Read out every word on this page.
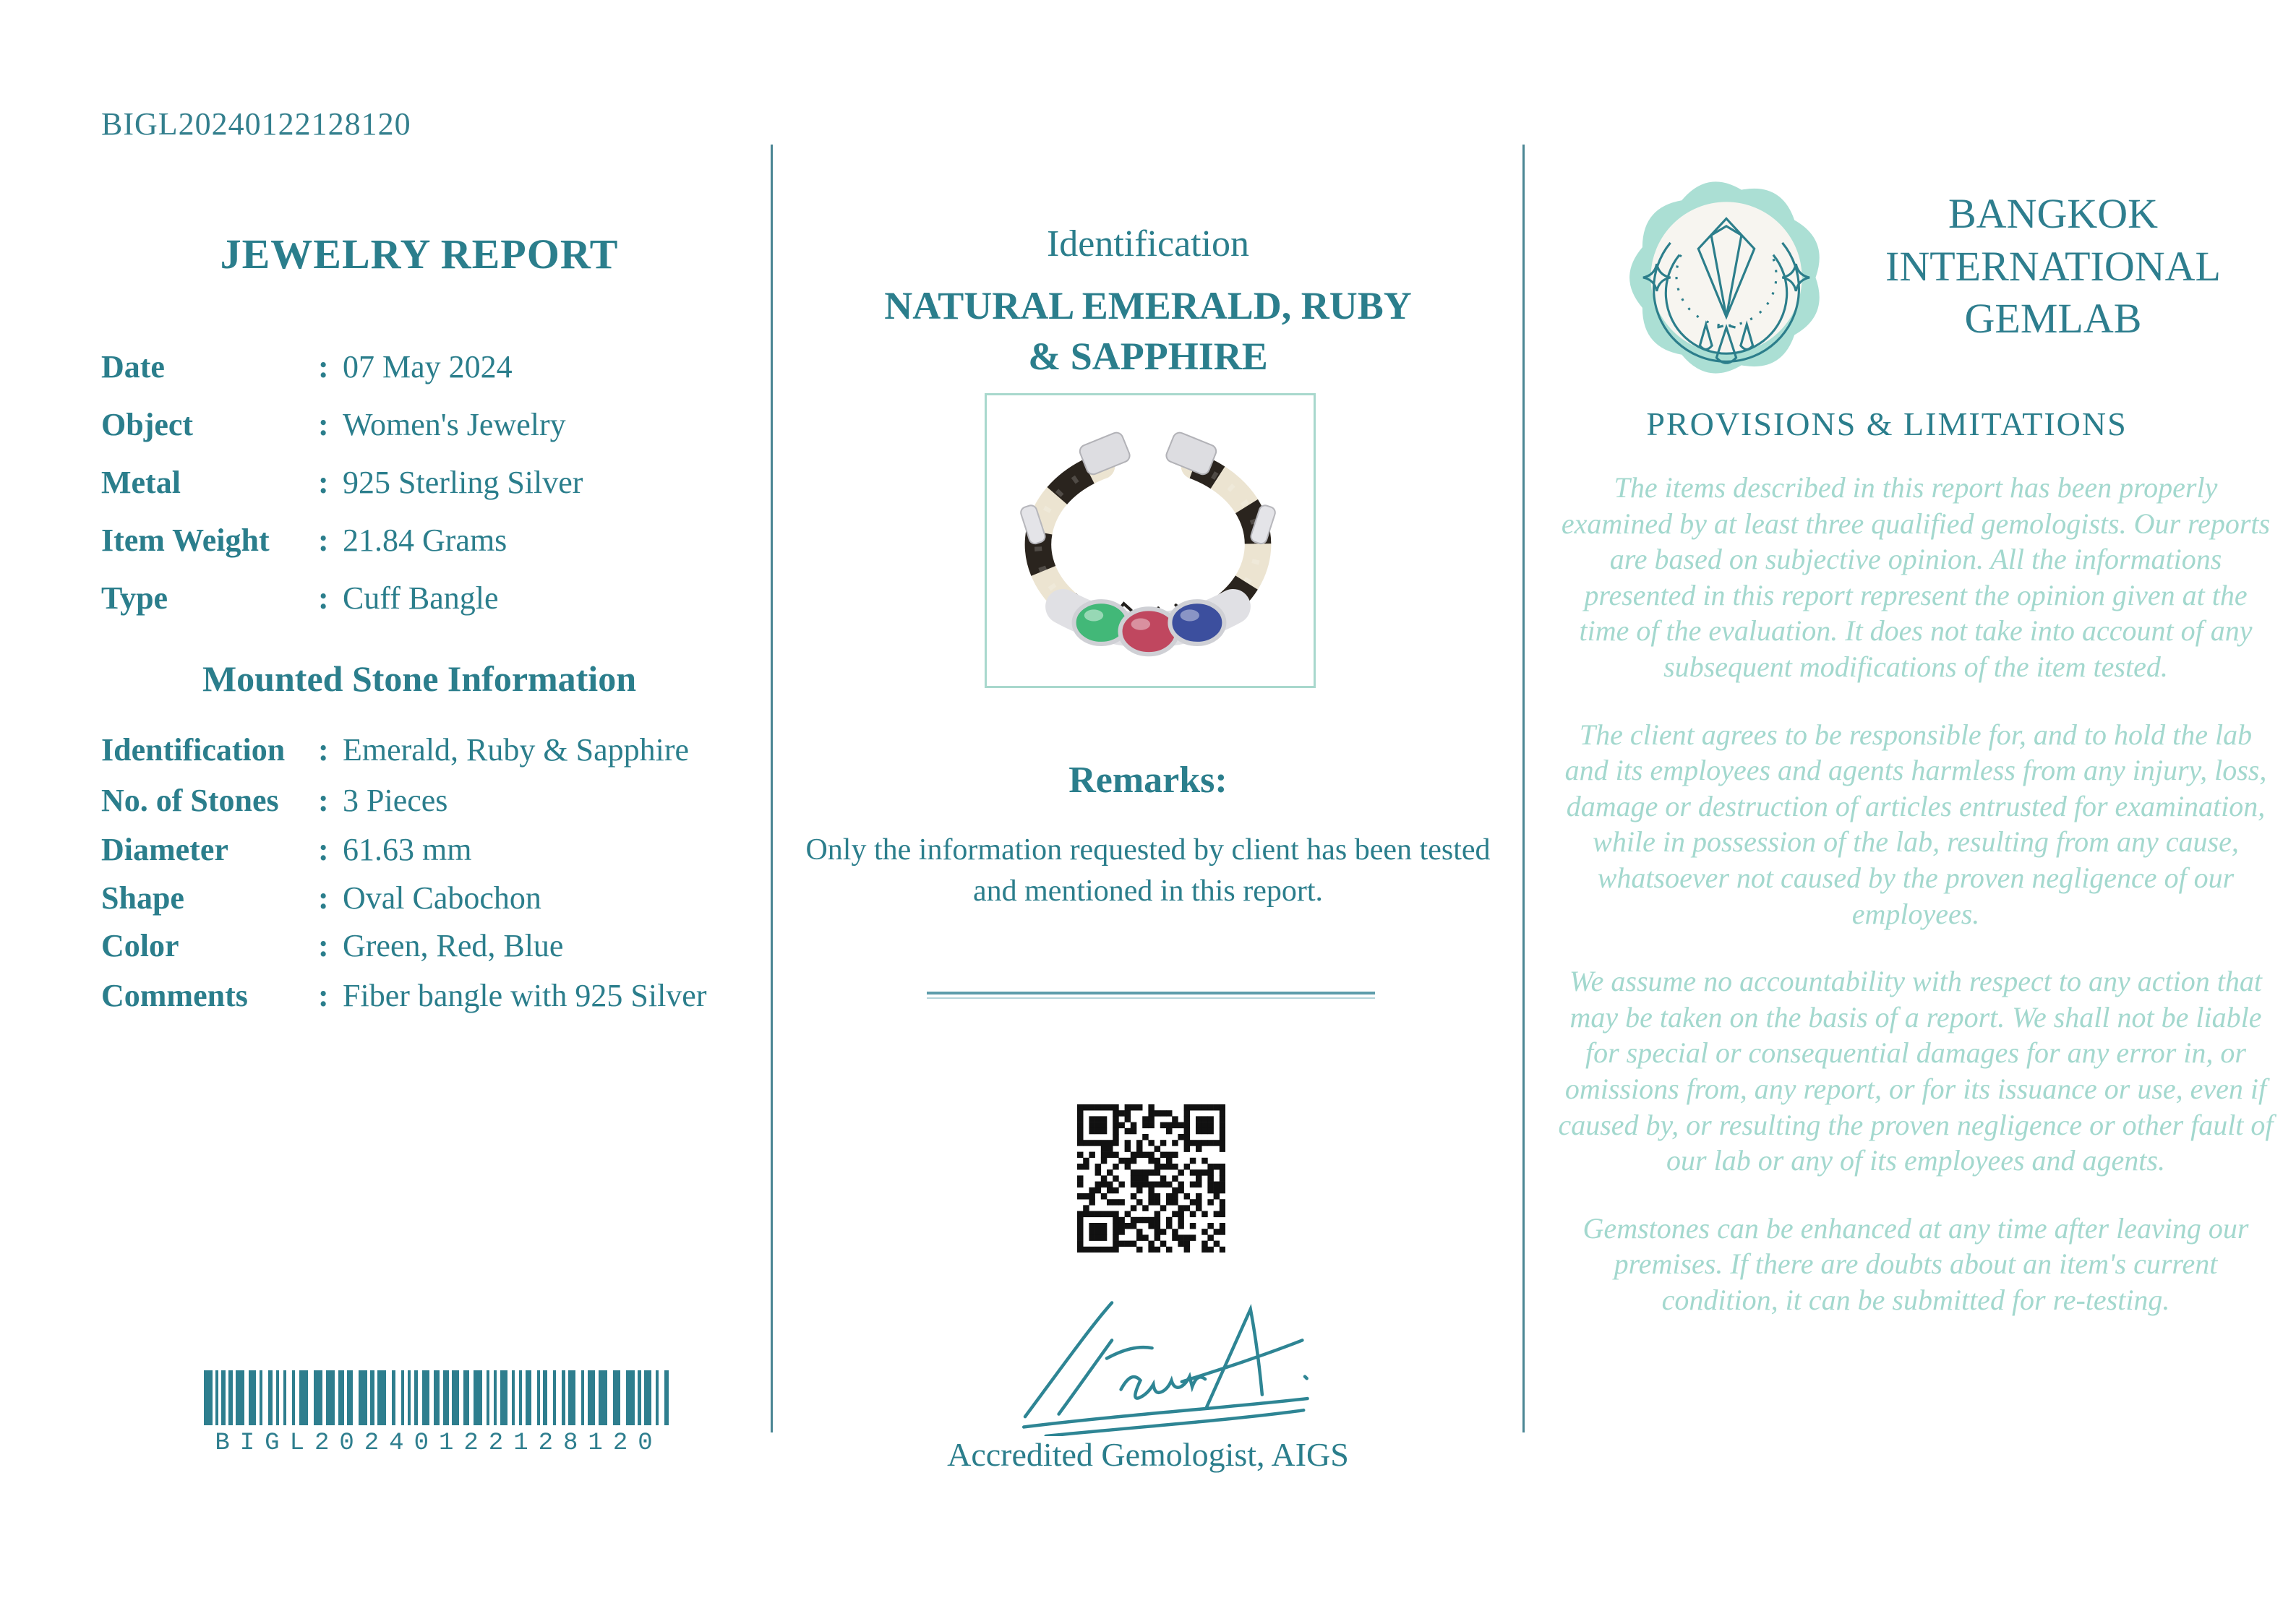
BIGL20240122128120
JEWELRY REPORT
Date	: 07 May 2024
Object	: Women's Jewelry
Metal	: 925 Sterling Silver
Item Weight	: 21.84 Grams
Type	: Cuff Bangle
Mounted Stone Information
Identification	: Emerald, Ruby & Sapphire
No. of Stones	: 3 Pieces
Diameter	: 61.63 mm
Shape	: Oval Cabochon
Color	: Green, Red, Blue
Comments	: Fiber bangle with 925 Silver
BIGL20240122128120
Identification
NATURAL EMERALD, RUBY & SAPPHIRE
Remarks:
Only the information requested by client has been tested and mentioned in this report.
Accredited Gemologist, AIGS
BANGKOK INTERNATIONAL GEMLAB
PROVISIONS & LIMITATIONS

The items described in this report has been properly examined by at least three qualified gemologists. Our reports are based on subjective opinion. All the informations presented in this report represent the opinion given at the time of the evaluation. It does not take into account of any subsequent modifications of the item tested.

The client agrees to be responsible for, and to hold the lab and its employees and agents harmless from any injury, loss, damage or destruction of articles entrusted for examination, while in possession of the lab, resulting from any cause, whatsoever not caused by the proven negligence of our employees.

We assume no accountability with respect to any action that may be taken on the basis of a report. We shall not be liable for special or consequential damages for any error in, or omissions from, any report, or for its issuance or use, even if caused by, or resulting the proven negligence or other fault of our lab or any of its employees and agents.

Gemstones can be enhanced at any time after leaving our premises. If there are doubts about an item's current condition, it can be submitted for re-testing.
